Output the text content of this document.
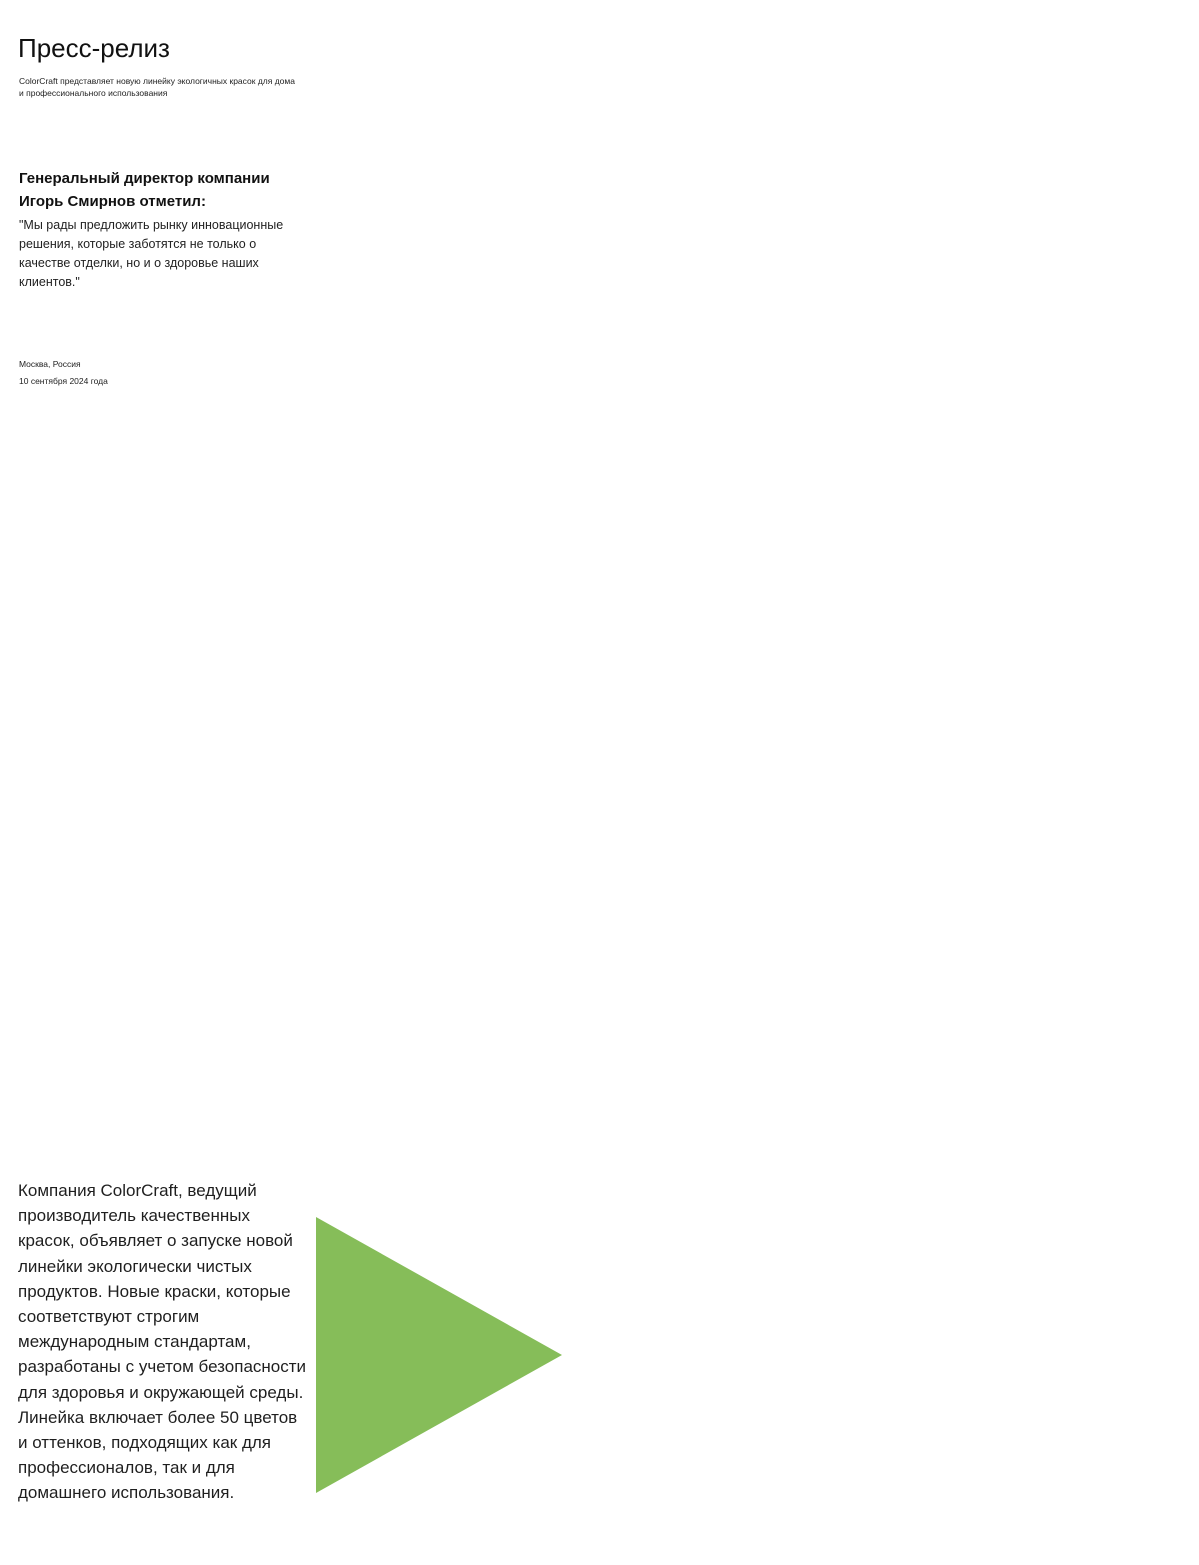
Пресс-релиз

ColorCraft представляет новую линейку экологичных красок для дома и профессионального использования

Генеральный директор компании Игорь Смирнов отметил:

"Мы рады предложить рынку инновационные решения, которые заботятся не только о качестве отделки, но и о здоровье наших клиентов."

Москва, Россия

10 сентября 2024 года

Компания ColorCraft, ведущий производитель качественных красок, объявляет о запуске новой линейки экологически чистых продуктов. Новые краски, которые соответствуют строгим международным стандартам, разработаны с учетом безопасности для здоровья и окружающей среды. Линейка включает более 50 цветов и оттенков, подходящих как для профессионалов, так и для домашнего использования.
